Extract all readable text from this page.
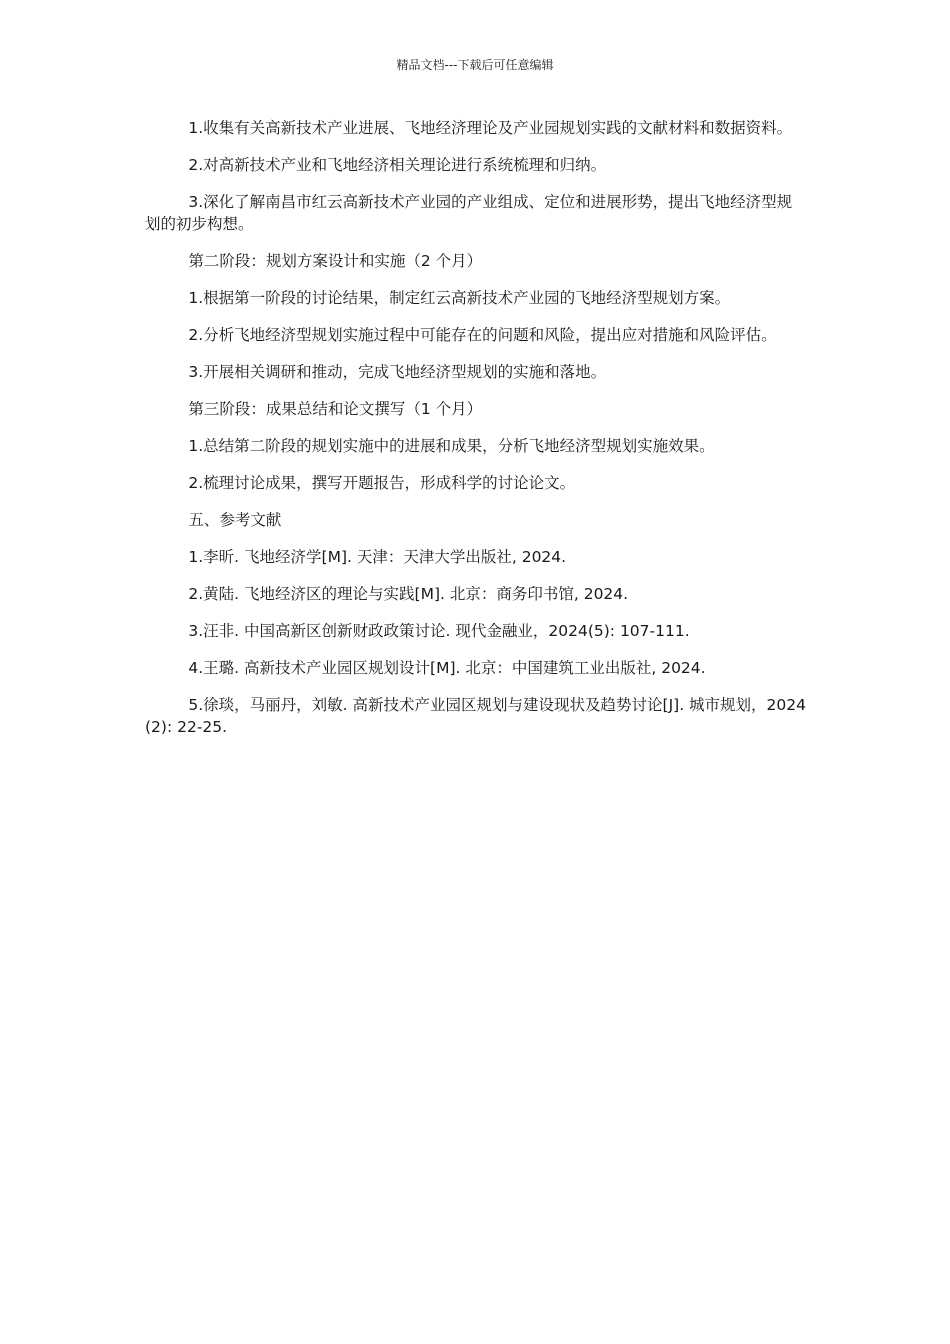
精品文档---下载后可任意编辑

1.收集有关高新技术产业进展、飞地经济理论及产业园规划实践的文献材料和数据资料。

2.对高新技术产业和飞地经济相关理论进行系统梳理和归纳。

3.深化了解南昌市红云高新技术产业园的产业组成、定位和进展形势，提出飞地经济型规划的初步构想。

第二阶段：规划方案设计和实施（2 个月）

1.根据第一阶段的讨论结果，制定红云高新技术产业园的飞地经济型规划方案。

2.分析飞地经济型规划实施过程中可能存在的问题和风险，提出应对措施和风险评估。

3.开展相关调研和推动，完成飞地经济型规划的实施和落地。

第三阶段：成果总结和论文撰写（1 个月）

1.总结第二阶段的规划实施中的进展和成果，分析飞地经济型规划实施效果。

2.梳理讨论成果，撰写开题报告，形成科学的讨论论文。

五、参考文献

1.李昕. 飞地经济学[M]. 天津：天津大学出版社, 2024.

2.黄陆. 飞地经济区的理论与实践[M]. 北京：商务印书馆, 2024.

3.汪非. 中国高新区创新财政政策讨论. 现代金融业，2024(5): 107-111.

4.王璐. 高新技术产业园区规划设计[M]. 北京：中国建筑工业出版社, 2024.

5.徐琰，马丽丹，刘敏. 高新技术产业园区规划与建设现状及趋势讨论[J]. 城市规划，2024(2): 22-25.
